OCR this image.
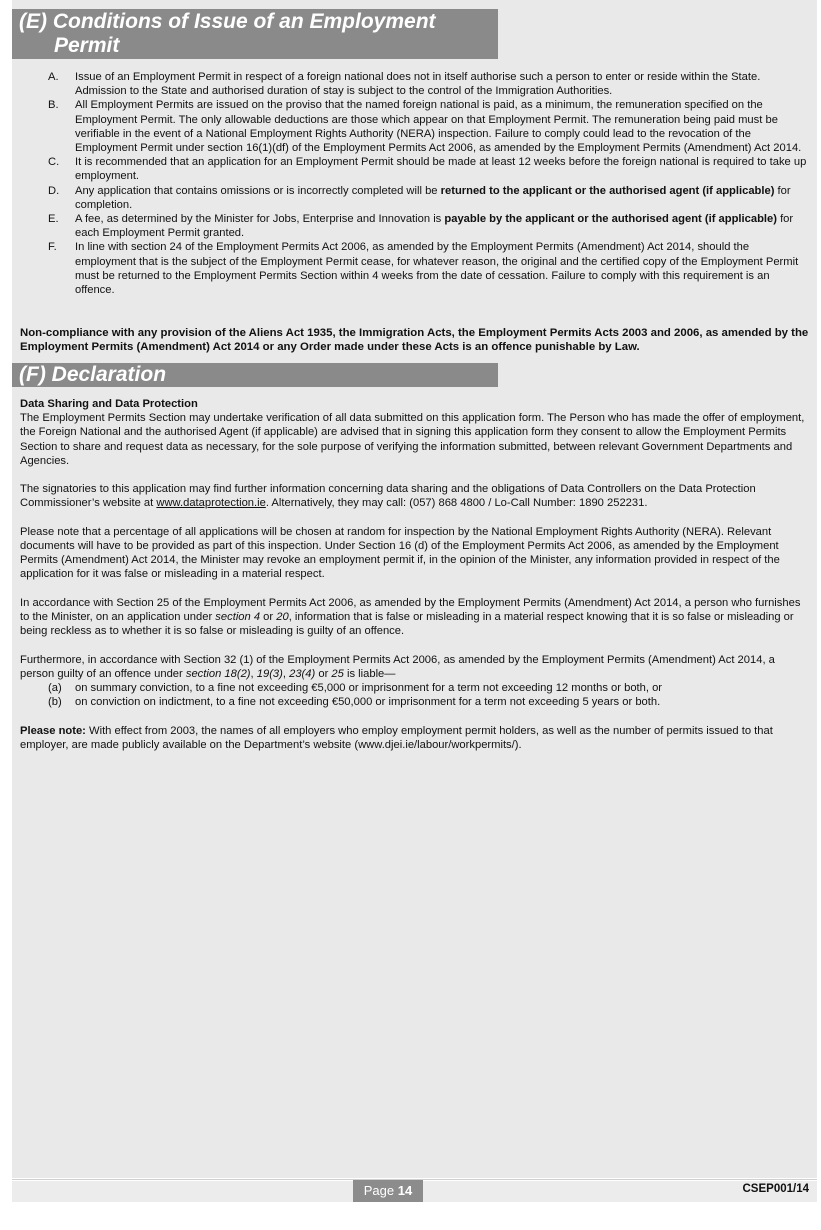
(E) Conditions of Issue of an Employment
Permit
A. Issue of an Employment Permit in respect of a foreign national does not in itself authorise such a person to enter or reside within the State. Admission to the State and authorised duration of stay is subject to the control of the Immigration Authorities.
B. All Employment Permits are issued on the proviso that the named foreign national is paid, as a minimum, the remuneration specified on the Employment Permit. The only allowable deductions are those which appear on that Employment Permit. The remuneration being paid must be verifiable in the event of a National Employment Rights Authority (NERA) inspection. Failure to comply could lead to the revocation of the Employment Permit under section 16(1)(df) of the Employment Permits Act 2006, as amended by the Employment Permits (Amendment) Act 2014.
C. It is recommended that an application for an Employment Permit should be made at least 12 weeks before the foreign national is required to take up employment.
D. Any application that contains omissions or is incorrectly completed will be returned to the applicant or the authorised agent (if applicable) for completion.
E. A fee, as determined by the Minister for Jobs, Enterprise and Innovation is payable by the applicant or the authorised agent (if applicable) for each Employment Permit granted.
F. In line with section 24 of the Employment Permits Act 2006, as amended by the Employment Permits (Amendment) Act 2014, should the employment that is the subject of the Employment Permit cease, for whatever reason, the original and the certified copy of the Employment Permit must be returned to the Employment Permits Section within 4 weeks from the date of cessation. Failure to comply with this requirement is an offence.
Non-compliance with any provision of the Aliens Act 1935, the Immigration Acts, the Employment Permits Acts 2003 and 2006, as amended by the Employment Permits (Amendment) Act 2014 or any Order made under these Acts is an offence punishable by Law.
(F) Declaration
Data Sharing and Data Protection

The Employment Permits Section may undertake verification of all data submitted on this application form. The Person who has made the offer of employment, the Foreign National and the authorised Agent (if applicable) are advised that in signing this application form they consent to allow the Employment Permits Section to share and request data as necessary, for the sole purpose of verifying the information submitted, between relevant Government Departments and Agencies.

The signatories to this application may find further information concerning data sharing and the obligations of Data Controllers on the Data Protection Commissioner’s website at www.dataprotection.ie. Alternatively, they may call: (057) 868 4800 / Lo-Call Number: 1890 252231.

Please note that a percentage of all applications will be chosen at random for inspection by the National Employment Rights Authority (NERA). Relevant documents will have to be provided as part of this inspection. Under Section 16 (d) of the Employment Permits Act 2006, as amended by the Employment Permits (Amendment) Act 2014, the Minister may revoke an employment permit if, in the opinion of the Minister, any information provided in respect of the application for it was false or misleading in a material respect.

In accordance with Section 25 of the Employment Permits Act 2006, as amended by the Employment Permits (Amendment) Act 2014, a person who furnishes to the Minister, on an application under section 4 or 20, information that is false or misleading in a material respect knowing that it is so false or misleading or being reckless as to whether it is so false or misleading is guilty of an offence.

Furthermore, in accordance with Section 32 (1) of the Employment Permits Act 2006, as amended by the Employment Permits (Amendment) Act 2014, a person guilty of an offence under section 18(2), 19(3), 23(4) or 25 is liable—
(a) on summary conviction, to a fine not exceeding €5,000 or imprisonment for a term not exceeding 12 months or both, or
(b) on conviction on indictment, to a fine not exceeding €50,000 or imprisonment for a term not exceeding 5 years or both.

Please note: With effect from 2003, the names of all employers who employ employment permit holders, as well as the number of permits issued to that employer, are made publicly available on the Department’s website (www.djei.ie/labour/workpermits/).

Page 14	CSEP001/14
